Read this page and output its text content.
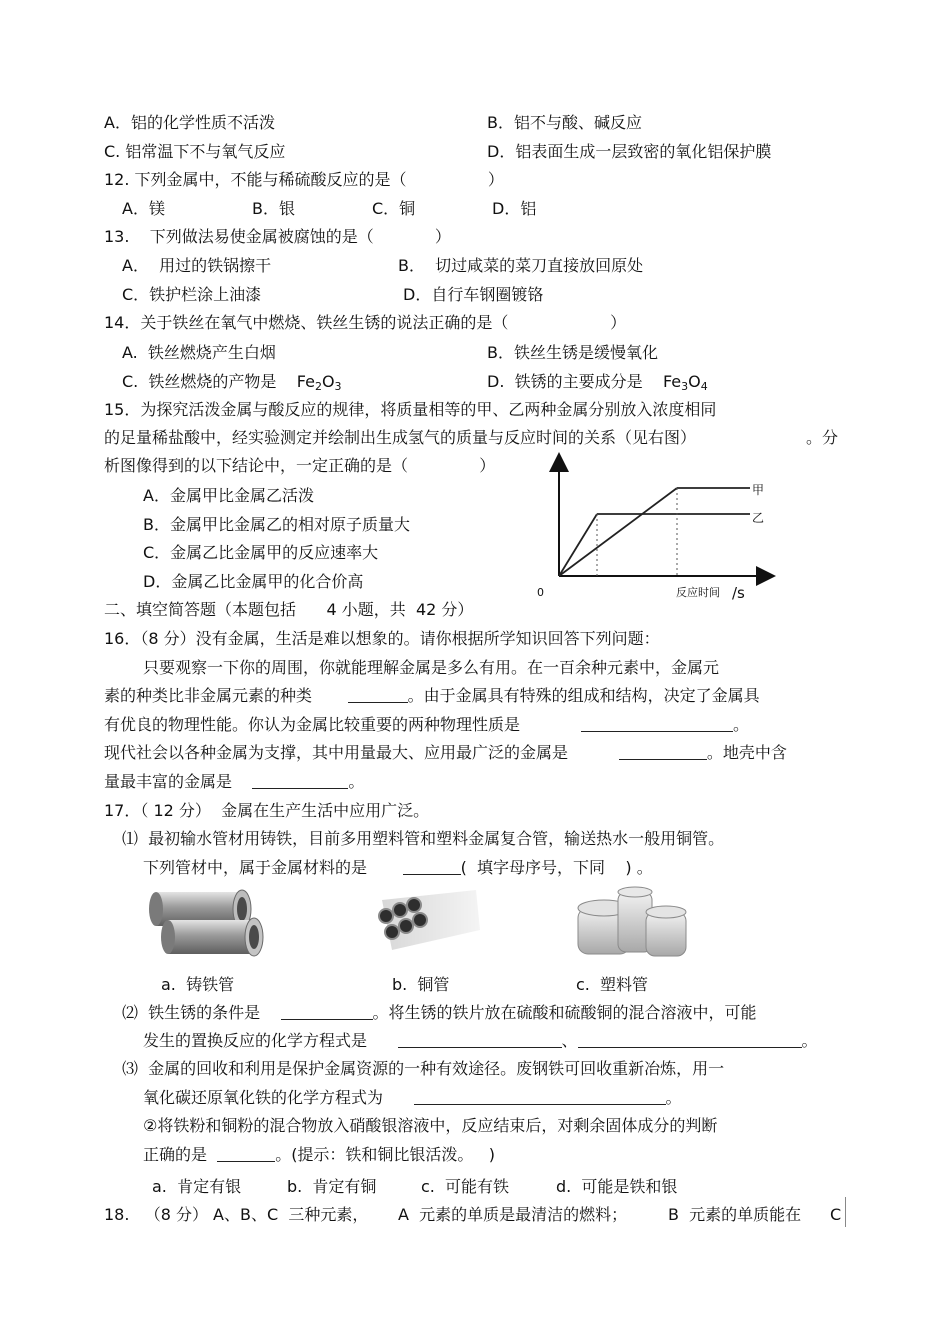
A．铝的化学性质不活泼	B．铝不与酸、碱反应
C. 铝常温下不与氧气反应	D．铝表面生成一层致密的氧化铝保护膜
12. 下列金属中，不能与稀硫酸反应的是（                ）
A．镁	B．银	C．铜	D．铝
13.    下列做法易使金属被腐蚀的是（            ）
A．  用过的铁锅擦干	B．  切过咸菜的菜刀直接放回原处
C．铁护栏涂上油漆	D．自行车钢圈镀铬
14．关于铁丝在氧气中燃烧、铁丝生锈的说法正确的是（                    ）
A.  铁丝燃烧产生白烟	B．铁丝生锈是缓慢氧化
C.  铁丝燃烧的产物是 $Fe_2O_3$	D.  铁锈的主要成分是 $Fe_3O_4$
15．为探究活泼金属与酸反应的规律，将质量相等的甲、乙两种金属分别放入浓度相同
的足量稀盐酸中，经实验测定并绘制出生成氢气的质量与反应时间的关系（见右图）	。分
析图像得到的以下结论中，一定正确的是（              ）
A．金属甲比金属乙活泼
B．金属甲比金属乙的相对原子质量大
C．金属乙比金属甲的反应速率大
D．金属乙比金属甲的化合价高
甲
乙
0	反应时间 /s
二、填空简答题（本题包括 4 小题，共  42 分）
16．（8 分）没有金属，生活是难以想象的。请你根据所学知识回答下列问题：
只要观察一下你的周围，你就能理解金属是多么有用。在一百余种元素中，金属元
素的种类比非金属元素的种类	。由于金属具有特殊的组成和结构，决定了金属具
有优良的物理性能。你认为金属比较重要的两种物理性质是	。
现代社会以各种金属为支撑，其中用量最大、应用最广泛的金属是	。地壳中含
量最丰富的金属是	。
17．（ 12 分）  金属在生产生活中应用广泛。
⑴  最初输水管材用铸铁，目前多用塑料管和塑料金属复合管，输送热水一般用铜管。
下列管材中，属于金属材料的是	(  填字母序号，下同    ) 。
a.  铸铁管	b.  铜管	c.  塑料管
⑵  铁生锈的条件是	。将生锈的铁片放在硫酸和硫酸铜的混合溶液中，可能
发生的置换反应的化学方程式是	、	。
⑶  金属的回收和利用是保护金属资源的一种有效途径。废钢铁可回收重新冶炼，用一
氧化碳还原氧化铁的化学方程式为	。
②将铁粉和铜粉的混合物放入硝酸银溶液中，反应结束后，对剩余固体成分的判断
正确的是	。(提示：铁和铜比银活泼。   )
a.  肯定有银	b.  肯定有铜	c.  可能有铁	d.  可能是铁和银
18.   （8 分） A、B、C  三种元素， A  元素的单质是最清洁的燃料；	B  元素的单质能在 C
